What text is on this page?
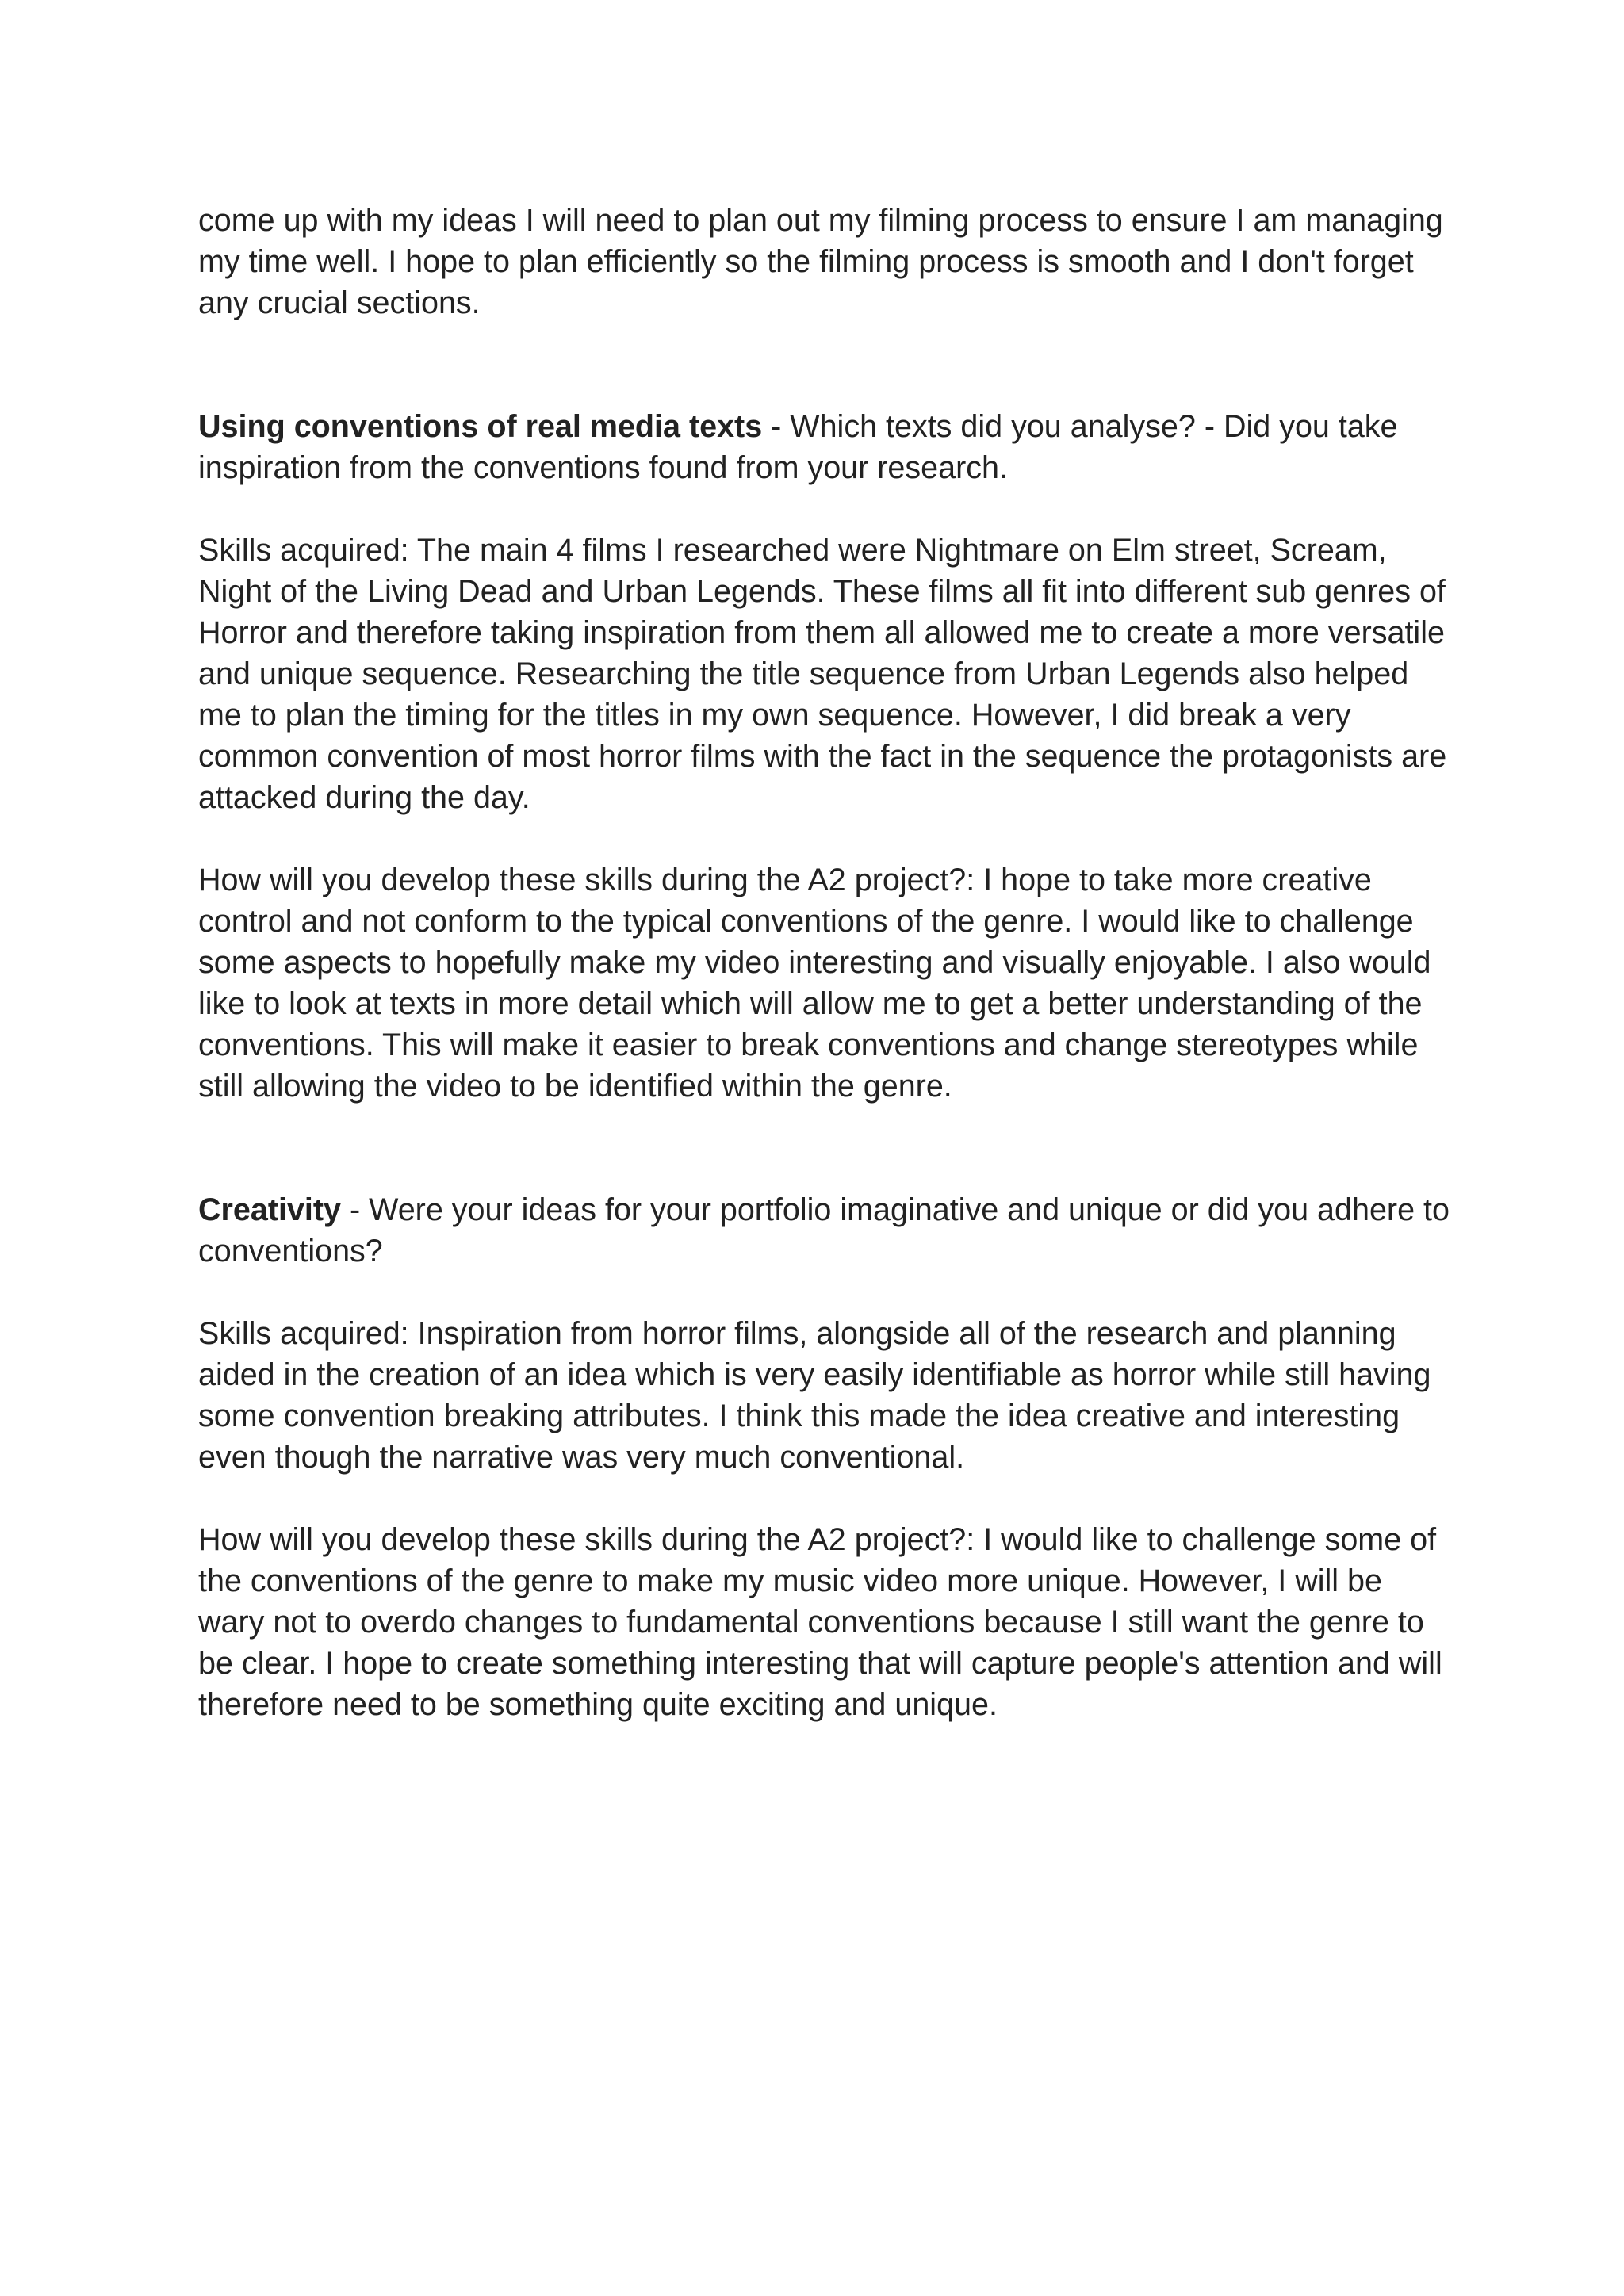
come up with my ideas I will need to plan out my filming process to ensure I am managing my time well. I hope to plan efficiently so the filming process is smooth and I don't forget any crucial sections.

Using conventions of real media texts - Which texts did you analyse? - Did you take inspiration from the conventions found from your research.

Skills acquired: The main 4 films I researched were Nightmare on Elm street, Scream, Night of the Living Dead and Urban Legends. These films all fit into different sub genres of Horror and therefore taking inspiration from them all allowed me to create a more versatile and unique sequence. Researching the title sequence from Urban Legends also helped me to plan the timing for the titles in my own sequence. However, I did break a very common convention of most horror films with the fact in the sequence the protagonists are attacked during the day.

How will you develop these skills during the A2 project?: I hope to take more creative control and not conform to the typical conventions of the genre. I would like to challenge some aspects to hopefully make my video interesting and visually enjoyable. I also would like to look at texts in more detail which will allow me to get a better understanding of the conventions. This will make it easier to break conventions and change stereotypes while still allowing the video to be identified within the genre.

Creativity - Were your ideas for your portfolio imaginative and unique or did you adhere to conventions?

Skills acquired: Inspiration from horror films, alongside all of the research and planning aided in the creation of an idea which is very easily identifiable as horror while still having some convention breaking attributes. I think this made the idea creative and interesting even though the narrative was very much conventional.

How will you develop these skills during the A2 project?: I would like to challenge some of the conventions of the genre to make my music video more unique. However, I will be wary not to overdo changes to fundamental conventions because I still want the genre to be clear. I hope to create something interesting that will capture people's attention and will therefore need to be something quite exciting and unique.
